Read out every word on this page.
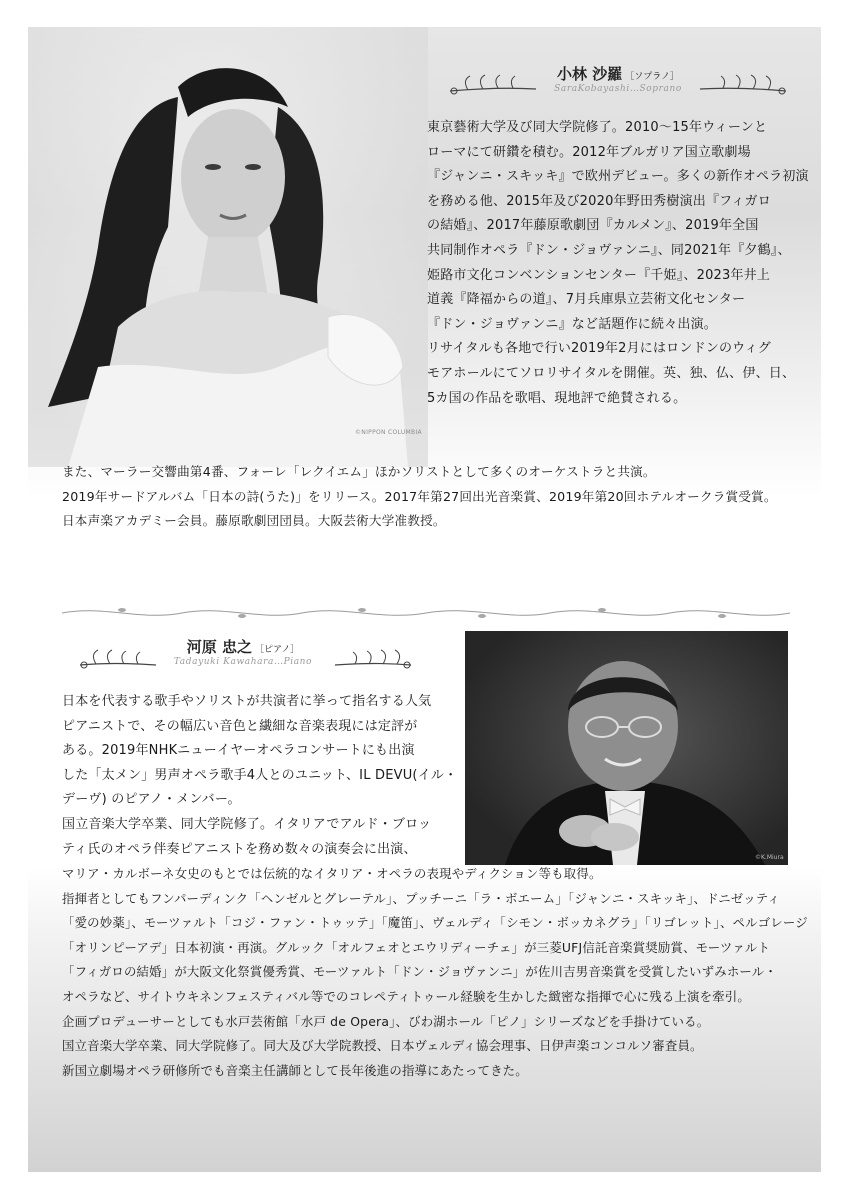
©NIPPON COLUMBIA
小林 沙羅 ［ソプラノ］
SaraKobayashi…Soprano
東京藝術大学及び同大学院修了。2010〜15年ウィーンと
ローマにて研鑽を積む。2012年ブルガリア国立歌劇場
『ジャンニ・スキッキ』で欧州デビュー。多くの新作オペラ初演
を務める他、2015年及び2020年野田秀樹演出『フィガロ
の結婚』、2017年藤原歌劇団『カルメン』、2019年全国
共同制作オペラ『ドン・ジョヴァンニ』、同2021年『夕鶴』、
姫路市文化コンベンションセンター『千姫』、2023年井上
道義『降福からの道』、7月兵庫県立芸術文化センター
『ドン・ジョヴァンニ』など話題作に続々出演。
リサイタルも各地で行い2019年2月にはロンドンのウィグ
モアホールにてソロリサイタルを開催。英、独、仏、伊、日、
5カ国の作品を歌唱、現地評で絶賛される。
また、マーラー交響曲第4番、フォーレ「レクイエム」ほかソリストとして多くのオーケストラと共演。
2019年サードアルバム「日本の詩(うた)」をリリース。2017年第27回出光音楽賞、2019年第20回ホテルオークラ賞受賞。
日本声楽アカデミー会員。藤原歌劇団団員。大阪芸術大学准教授。
河原 忠之 ［ピアノ］
Tadayuki Kawahara…Piano
日本を代表する歌手やソリストが共演者に挙って指名する人気
ピアニストで、その幅広い音色と繊細な音楽表現には定評が
ある。2019年NHKニューイヤーオペラコンサートにも出演
した「太メン」男声オペラ歌手4人とのユニット、IL DEVU(イル・
デーヴ) のピアノ・メンバー。
国立音楽大学卒業、同大学院修了。イタリアでアルド・ブロッ
ティ氏のオペラ伴奏ピアニストを務め数々の演奏会に出演、
マリア・カルボーネ女史のもとでは伝統的なイタリア・オペラの表現やディクション等も取得。
指揮者としてもフンパーディンク「ヘンゼルとグレーテル」、プッチーニ「ラ・ボエーム」「ジャンニ・スキッキ」、ドニゼッティ
「愛の妙薬」、モーツァルト「コジ・ファン・トゥッテ」「魔笛」、ヴェルディ「シモン・ボッカネグラ」「リゴレット」、ペルゴレージ
「オリンピーアデ」日本初演・再演。グルック「オルフェオとエウリディーチェ」が三菱UFJ信託音楽賞奨励賞、モーツァルト
「フィガロの結婚」が大阪文化祭賞優秀賞、モーツァルト「ドン・ジョヴァンニ」が佐川吉男音楽賞を受賞したいずみホール・
オペラなど、サイトウキネンフェスティバル等でのコレペティトゥール経験を生かした緻密な指揮で心に残る上演を牽引。
企画プロデューサーとしても水戸芸術館「水戸 de Opera」、びわ湖ホール「ピノ」シリーズなどを手掛けている。
国立音楽大学卒業、同大学院修了。同大及び大学院教授、日本ヴェルディ協会理事、日伊声楽コンコルソ審査員。
新国立劇場オペラ研修所でも音楽主任講師として長年後進の指導にあたってきた。
©K.Miura
